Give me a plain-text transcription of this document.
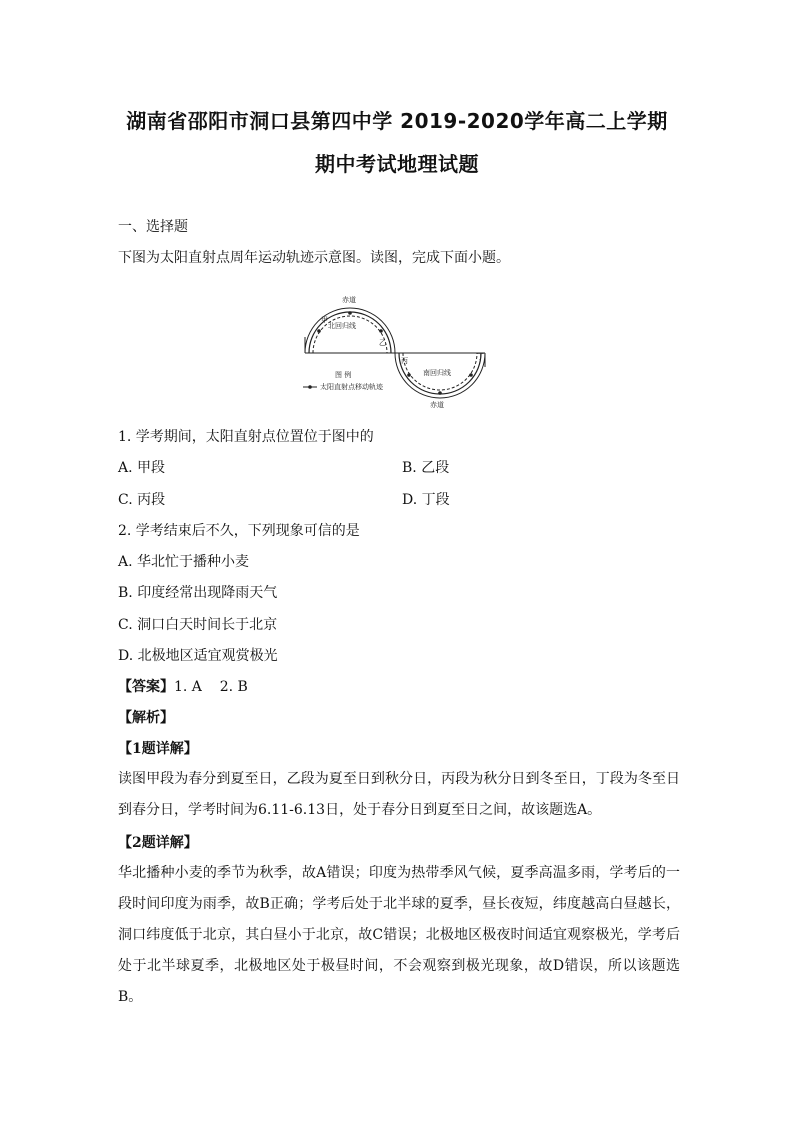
湖南省邵阳市洞口县第四中学 2019-2020学年高二上学期
期中考试地理试题
一、选择题
下图为太阳直射点周年运动轨迹示意图。读图，完成下面小题。
赤道
甲
北回归线
乙
丙
南回归线
丁
赤道
图 例
太阳直射点移动轨迹
1. 学考期间，太阳直射点位置位于图中的
A. 甲段	B. 乙段
C. 丙段	D. 丁段
2. 学考结束后不久，下列现象可信的是
A. 华北忙于播种小麦
B. 印度经常出现降雨天气
C. 洞口白天时间长于北京
D. 北极地区适宜观赏极光
【答案】1. A    2. B
【解析】
【1题详解】
读图甲段为春分到夏至日，乙段为夏至日到秋分日，丙段为秋分日到冬至日，丁段为冬至日到春分日，学考时间为6.11-6.13日，处于春分日到夏至日之间，故该题选A。
【2题详解】
华北播种小麦的季节为秋季，故A错误；印度为热带季风气候，夏季高温多雨，学考后的一段时间印度为雨季，故B正确；学考后处于北半球的夏季，昼长夜短，纬度越高白昼越长，洞口纬度低于北京，其白昼小于北京，故C错误；北极地区极夜时间适宜观察极光，学考后处于北半球夏季，北极地区处于极昼时间，不会观察到极光现象，故D错误，所以该题选B。
